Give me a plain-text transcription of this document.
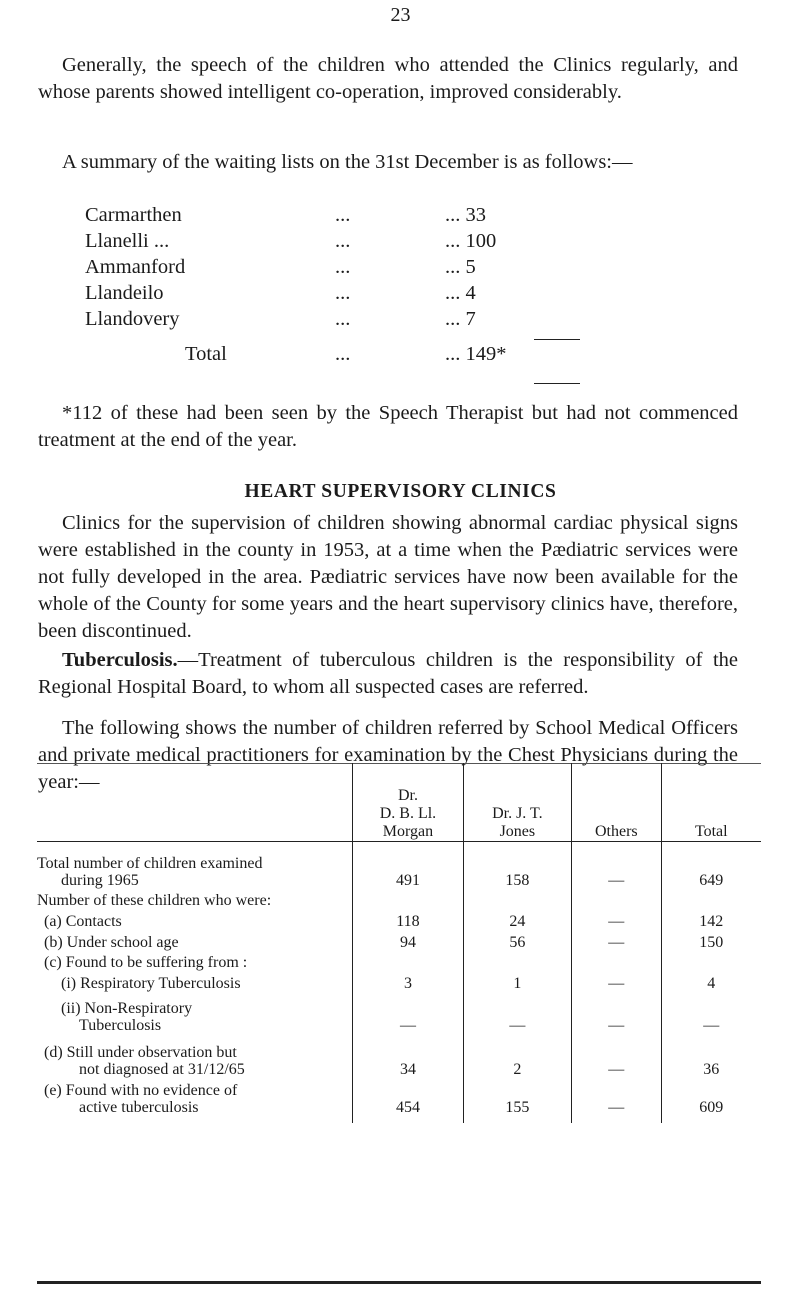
23

Generally, the speech of the children who attended the Clinics regularly, and whose parents showed intelligent co-operation, improved considerably.

A summary of the waiting lists on the 31st December is as follows:—

Carmarthen	...	... 33
Llanelli ...	...	... 100
Ammanford	...	... 5
Llandeilo	...	... 4
Llandovery	...	... 7
Total	...	... 149*

*112 of these had been seen by the Speech Therapist but had not commenced treatment at the end of the year.

HEART SUPERVISORY CLINICS

Clinics for the supervision of children showing abnormal cardiac physical signs were established in the county in 1953, at a time when the Pædiatric services were not fully developed in the area. Pædiatric services have now been available for the whole of the County for some years and the heart supervisory clinics have, therefore, been discontinued.

Tuberculosis.—Treatment of tuberculous children is the responsibility of the Regional Hospital Board, to whom all suspected cases are referred.

The following shows the number of children referred by School Medical Officers and private medical practitioners for examination by the Chest Physicians during the year:—

	Dr.
D. B. Ll.
Morgan	Dr. J. T.
Jones	Others	Total
Total number of children examined
during 1965	491	158	—	649
Number of these children who were:				
(a) Contacts	118	24	—	142
(b) Under school age	94	56	—	150
(c) Found to be suffering from :				
(i) Respiratory Tuberculosis	3	1	—	4
(ii) Non-Respiratory
Tuberculosis	—	—	—	—
(d) Still under observation but
not diagnosed at 31/12/65	34	2	—	36
(e) Found with no evidence of
active tuberculosis	454	155	—	609
